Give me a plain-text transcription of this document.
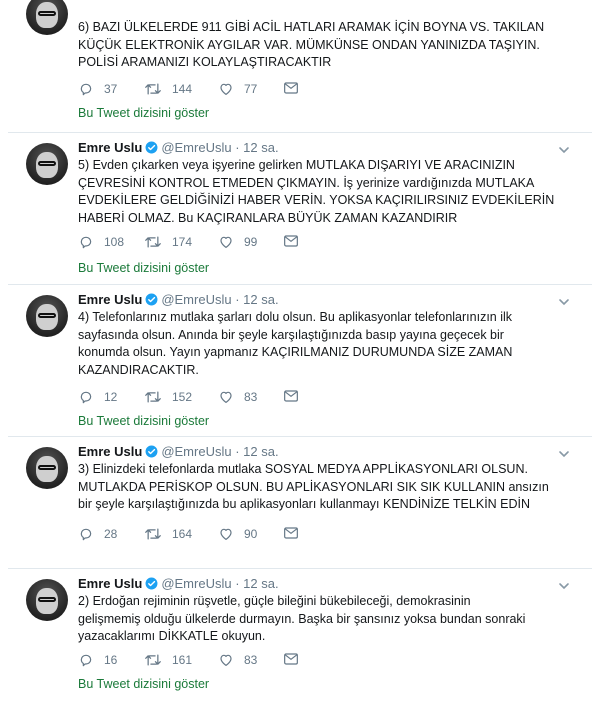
6) BAZI ÜLKELERDE 911 GİBİ ACİL HATLARI ARAMAK İÇİN BOYNA VS. TAKILAN
KÜÇÜK ELEKTRONİK AYGILAR VAR. MÜMKÜNSE ONDAN YANINIZDA TAŞIYIN.
POLİSİ ARAMANIZI KOLAYLAŞTIRACAKTIR
37	144	77
Bu Tweet dizisini göster
Emre Uslu @EmreUslu · 12 sa.
5) Evden çıkarken veya işyerine gelirken MUTLAKA DIŞARIYI VE ARACINIZIN
ÇEVRESİNİ KONTROL ETMEDEN ÇIKMAYIN. İş yerinize vardığınızda MUTLAKA
EVDEKİLERE GELDİĞİNİZİ HABER VERİN. YOKSA KAÇIRILIRSINIZ EVDEKİLERİN
HABERİ OLMAZ. Bu KAÇIRANLARA BÜYÜK ZAMAN KAZANDIRIR
108	174	99
Bu Tweet dizisini göster
Emre Uslu @EmreUslu · 12 sa.
4) Telefonlarınız mutlaka şarları dolu olsun. Bu aplikasyonlar telefonlarınızın ilk
sayfasında olsun. Anında bir şeyle karşılaştığınızda basıp yayına geçecek bir
konumda olsun. Yayın yapmanız KAÇIRILMANIZ DURUMUNDA SİZE ZAMAN
KAZANDIRACAKTIR.
12	152	83
Bu Tweet dizisini göster
Emre Uslu @EmreUslu · 12 sa.
3) Elinizdeki telefonlarda mutlaka SOSYAL MEDYA APPLİKASYONLARI OLSUN.
MUTLAKDA PERİSKOP OLSUN. BU APLİKASYONLARI SIK SIK KULLANIN ansızın
bir şeyle karşılaştığınızda bu aplikasyonları kullanmayı KENDİNİZE TELKİN EDİN
28	164	90
Emre Uslu @EmreUslu · 12 sa.
2) Erdoğan rejiminin rüşvetle, güçle bileğini bükebileceği, demokrasinin
gelişmemiş olduğu ülkelerde durmayın. Başka bir şansınız yoksa bundan sonraki
yazacaklarımı DİKKATLE okuyun.
16	161	83
Bu Tweet dizisini göster
